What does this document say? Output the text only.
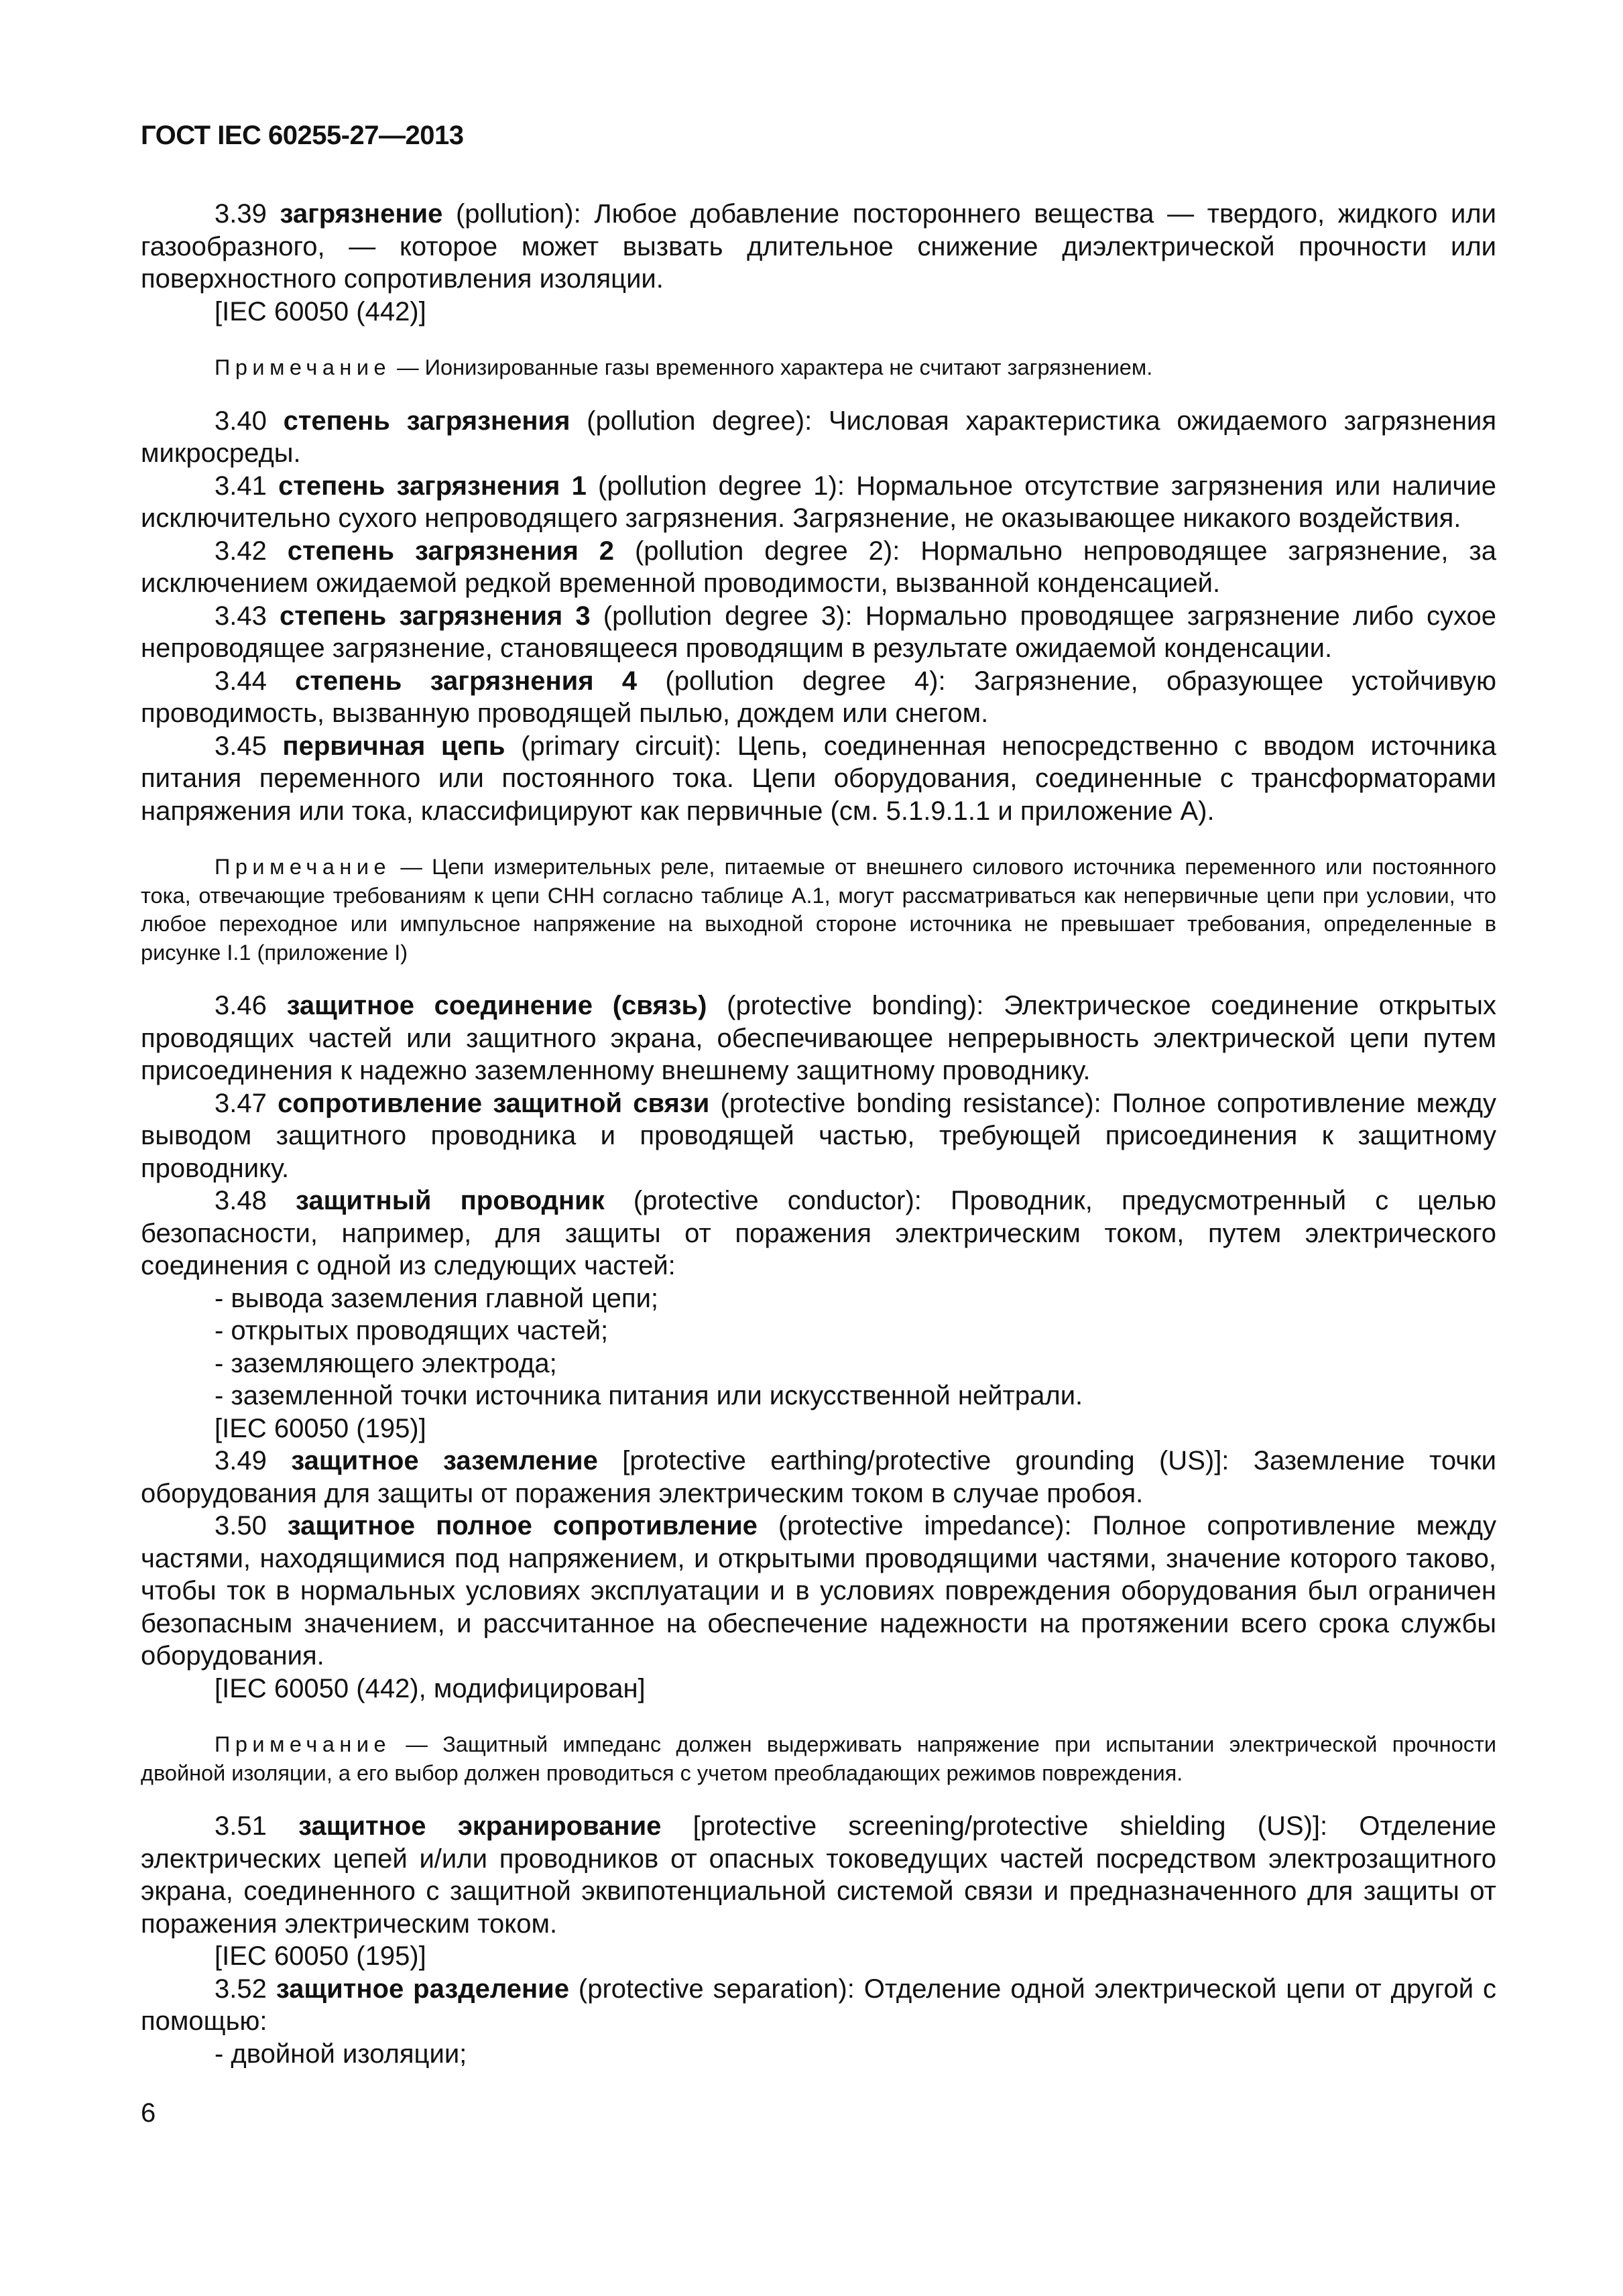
ГОСТ IEC 60255-27—2013

3.39 загрязнение (pollution): Любое добавление постороннего вещества — твердого, жидкого или газообразного, — которое может вызвать длительное снижение диэлектрической прочности или поверхностного сопротивления изоляции.

[IEC 60050 (442)]

Примечание — Ионизированные газы временного характера не считают загрязнением.

3.40 степень загрязнения (pollution degree): Числовая характеристика ожидаемого загрязнения микросреды.

3.41 степень загрязнения 1 (pollution degree 1): Нормальное отсутствие загрязнения или наличие исключительно сухого непроводящего загрязнения. Загрязнение, не оказывающее никакого воздействия.

3.42 степень загрязнения 2 (pollution degree 2): Нормально непроводящее загрязнение, за исключением ожидаемой редкой временной проводимости, вызванной конденсацией.

3.43 степень загрязнения 3 (pollution degree 3): Нормально проводящее загрязнение либо сухое непроводящее загрязнение, становящееся проводящим в результате ожидаемой конденсации.

3.44 степень загрязнения 4 (pollution degree 4): Загрязнение, образующее устойчивую проводимость, вызванную проводящей пылью, дождем или снегом.

3.45 первичная цепь (primary circuit): Цепь, соединенная непосредственно с вводом источника питания переменного или постоянного тока. Цепи оборудования, соединенные с трансформаторами напряжения или тока, классифицируют как первичные (см. 5.1.9.1.1 и приложение А).

Примечание — Цепи измерительных реле, питаемые от внешнего силового источника переменного или постоянного тока, отвечающие требованиям к цепи СНН согласно таблице А.1, могут рассматриваться как непервичные цепи при условии, что любое переходное или импульсное напряжение на выходной стороне источника не превышает требования, определенные в рисунке I.1 (приложение I)

3.46 защитное соединение (связь) (protective bonding): Электрическое соединение открытых проводящих частей или защитного экрана, обеспечивающее непрерывность электрической цепи путем присоединения к надежно заземленному внешнему защитному проводнику.

3.47 сопротивление защитной связи (protective bonding resistance): Полное сопротивление между выводом защитного проводника и проводящей частью, требующей присоединения к защитному проводнику.

3.48 защитный проводник (protective conductor): Проводник, предусмотренный с целью безопасности, например, для защиты от поражения электрическим током, путем электрического соединения с одной из следующих частей:

- вывода заземления главной цепи;

- открытых проводящих частей;

- заземляющего электрода;

- заземленной точки источника питания или искусственной нейтрали.

[IEC 60050 (195)]

3.49 защитное заземление [protective earthing/protective grounding (US)]: Заземление точки оборудования для защиты от поражения электрическим током в случае пробоя.

3.50 защитное полное сопротивление (protective impedance): Полное сопротивление между частями, находящимися под напряжением, и открытыми проводящими частями, значение которого таково, чтобы ток в нормальных условиях эксплуатации и в условиях повреждения оборудования был ограничен безопасным значением, и рассчитанное на обеспечение надежности на протяжении всего срока службы оборудования.

[IEC 60050 (442), модифицирован]

Примечание — Защитный импеданс должен выдерживать напряжение при испытании электрической прочности двойной изоляции, а его выбор должен проводиться с учетом преобладающих режимов повреждения.

3.51 защитное экранирование [protective screening/protective shielding (US)]: Отделение электрических цепей и/или проводников от опасных токоведущих частей посредством электрозащитного экрана, соединенного с защитной эквипотенциальной системой связи и предназначенного для защиты от поражения электрическим током.

[IEC 60050 (195)]

3.52 защитное разделение (protective separation): Отделение одной электрической цепи от другой с помощью:

- двойной изоляции;

6
